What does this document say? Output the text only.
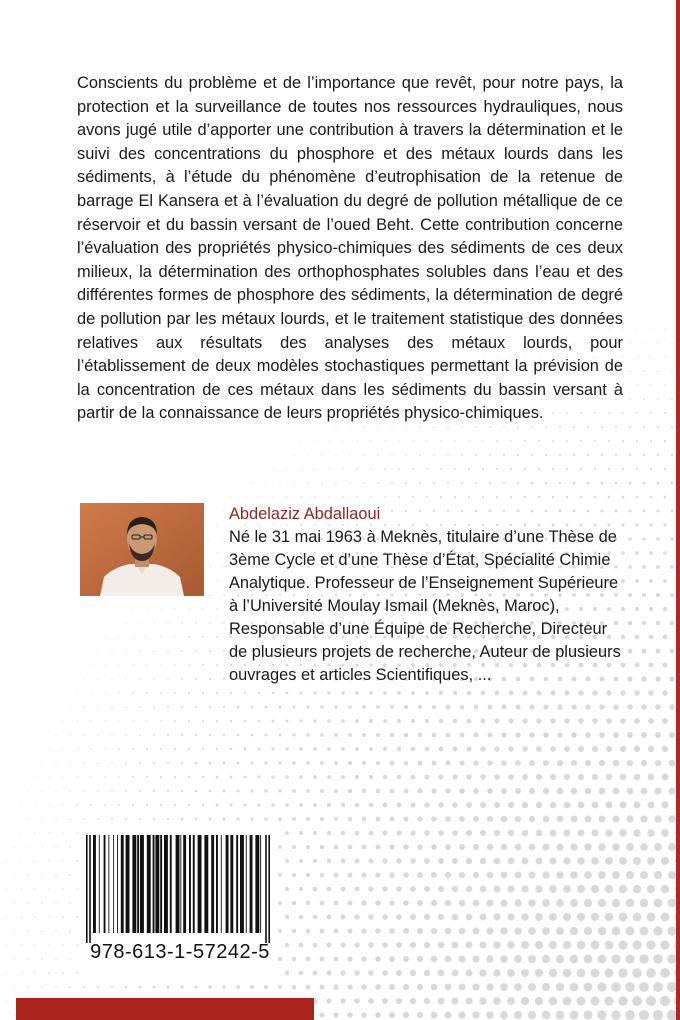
Conscients du problème et de l’importance que revêt, pour notre pays, la protection et la surveillance de toutes nos ressources hydrauliques, nous avons jugé utile d’apporter une contribution à travers la détermination et le suivi des concentrations du phosphore et des métaux lourds dans les sédiments, à l’étude du phénomène d’eutrophisation de la retenue de barrage El Kansera et à l’évaluation du degré de pollution métallique de ce réservoir et du bassin versant de l’oued Beht. Cette contribution concerne l’évaluation des propriétés physico-chimiques des sédiments de ces deux milieux, la détermination des orthophosphates solubles dans l’eau et des différentes formes de phosphore des sédiments, la détermination de degré de pollution par les métaux lourds, et le traitement statistique des données relatives aux résultats des analyses des métaux lourds, pour l’établissement de deux modèles stochastiques permettant la prévision de la concentration de ces métaux dans les sédiments du bassin versant à partir de la connaissance de leurs propriétés physico-chimiques.

Abdelaziz Abdallaoui

Né le 31 mai 1963 à Meknès, titulaire d’une Thèse de 3ème Cycle et d’une Thèse d’État, Spécialité Chimie Analytique. Professeur de l’Enseignement Supérieure à l’Université Moulay Ismail (Meknès, Maroc), Responsable d’une Équipe de Recherche, Directeur de plusieurs projets de recherche, Auteur de plusieurs ouvrages et articles Scientifiques, ...

978-613-1-57242-5
